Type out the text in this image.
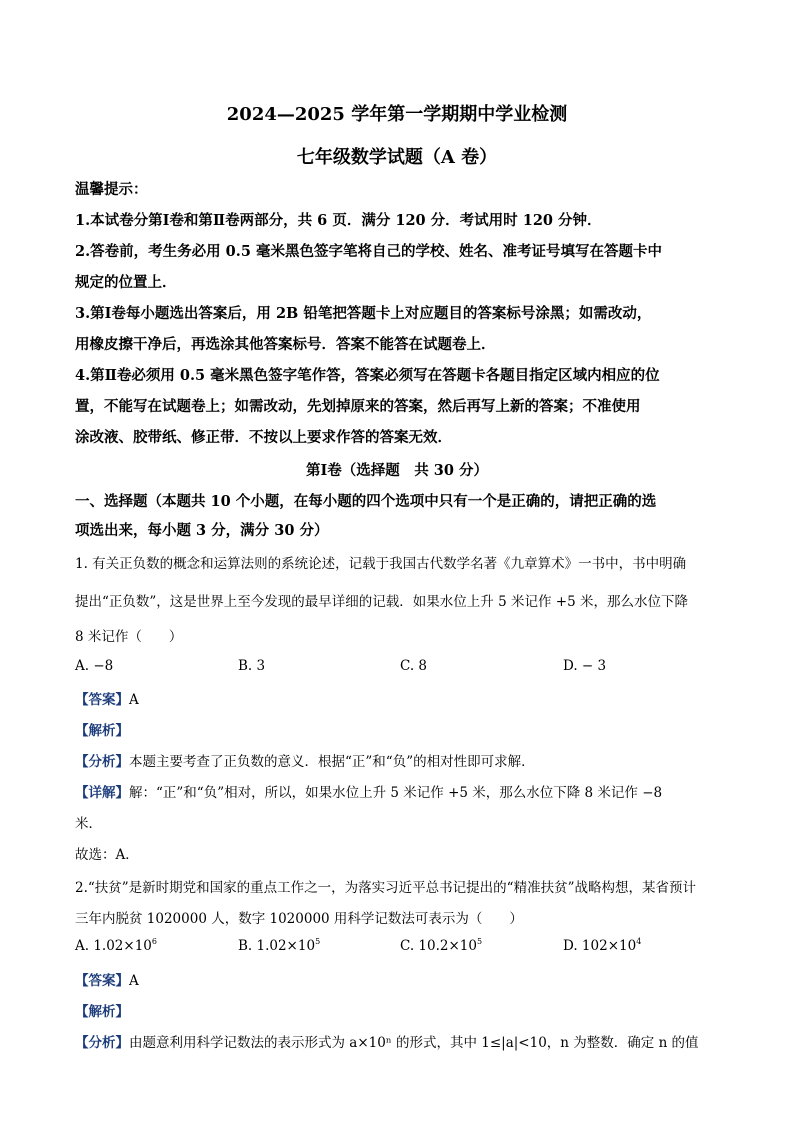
2024—2025 学年第一学期期中学业检测
七年级数学试题（A 卷）
温馨提示：
1.本试卷分第Ⅰ卷和第Ⅱ卷两部分，共 6 页．满分 120 分．考试用时 120 分钟．
2.答卷前，考生务必用 0.5 毫米黑色签字笔将自己的学校、姓名、准考证号填写在答题卡中
规定的位置上．
3.第Ⅰ卷每小题选出答案后，用 2B 铅笔把答题卡上对应题目的答案标号涂黑；如需改动，
用橡皮擦干净后，再选涂其他答案标号．答案不能答在试题卷上．
4.第Ⅱ卷必须用 0.5 毫米黑色签字笔作答，答案必须写在答题卡各题目指定区域内相应的位
置，不能写在试题卷上；如需改动，先划掉原来的答案，然后再写上新的答案；不准使用
涂改液、胶带纸、修正带．不按以上要求作答的答案无效．
第Ⅰ卷（选择题　共 30 分）
一、选择题（本题共 10 个小题，在每小题的四个选项中只有一个是正确的，请把正确的选
项选出来，每小题 3 分，满分 30 分）
1. 有关正负数的概念和运算法则的系统论述，记载于我国古代数学名著《九章算术》一书中，书中明确
提出“正负数”，这是世界上至今发现的最早详细的记载．如果水位上升 5 米记作 +5 米，那么水位下降
8 米记作（　　）
A. −8	B. 3	C. 8	D. − 3
【答案】A
【解析】
【分析】本题主要考查了正负数的意义．根据“正”和“负”的相对性即可求解．
【详解】解：“正”和“负”相对，所以，如果水位上升 5 米记作 +5 米，那么水位下降 8 米记作 −8
米．
故选：A．
2.“扶贫”是新时期党和国家的重点工作之一，为落实习近平总书记提出的“精准扶贫”战略构想，某省预计
三年内脱贫 1020000 人，数字 1020000 用科学记数法可表示为（　　）
A. $1.02\times 10^6$	B. $1.02\times 10^5$	C. $10.2\times 10^5$	D. $102\times 10^4$
【答案】A
【解析】
【分析】由题意利用科学记数法的表示形式为 a×10ⁿ 的形式，其中 1≤|a|<10，n 为整数．确定 n 的值
